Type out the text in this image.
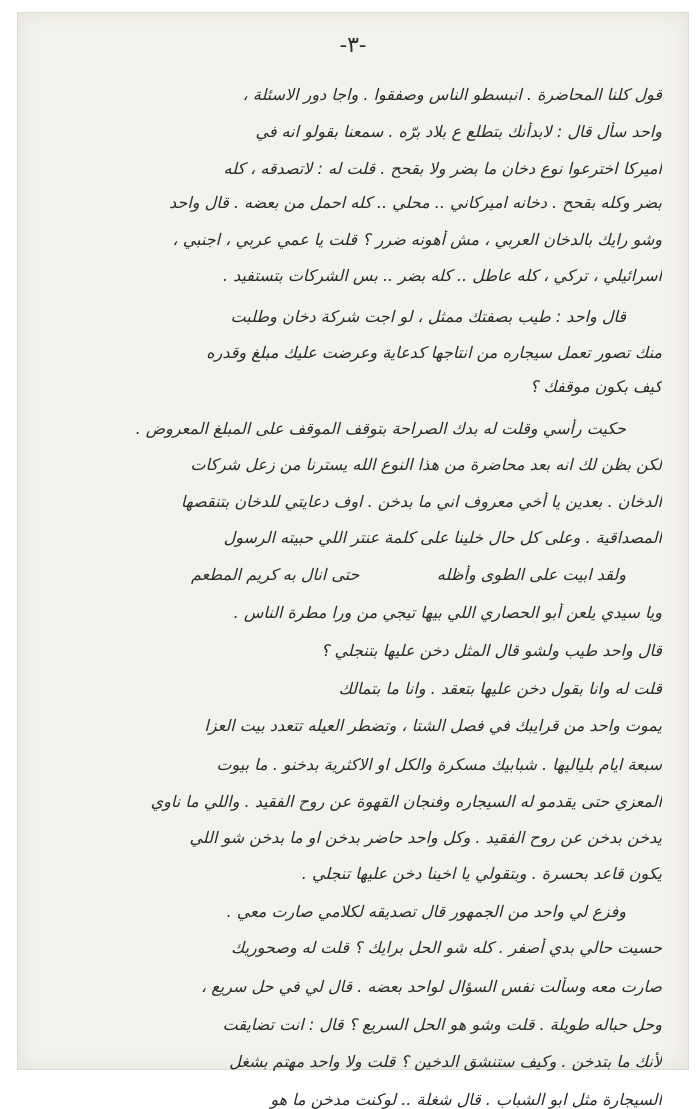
-٣-
قول كلنا المحاضرة . انبسطو الناس وصفقوا . واجا دور الاسئلة ،
واحد سأل قال : لابدأنك بتطلع ع بلاد برّه . سمعنا بقولو انه في
اميركا اخترعوا نوع دخان ما بضر ولا بقحح . قلت له : لاتصدقه ، كله
بضر وكله بقحح . دخانه اميركاني .. محلي .. كله احمل من بعضه . قال واحد
وشو رايك بالدخان العربي ، مش أهونه ضرر ؟ قلت يا عمي عربي ، اجنبي ،
اسرائيلي ، تركي ، كله عاطل .. كله بضر .. بس الشركات بتستفيد .
قال واحد : طيب بصفتك ممثل ، لو اجت شركة دخان وطلبت
منك تصور تعمل سيجاره من انتاجها كدعاية وعرضت عليك مبلغ وقدره
كيف بكون موقفك ؟
حكيت رأسي وقلت له بدك الصراحة بتوقف الموقف على المبلغ المعروض .
لكن بظن لك انه بعد محاضرة من هذا النوع الله يسترنا من زعل شركات
الدخان . بعدين يا أخي معروف اني ما بدخن . اوف دعايتي للدخان بتنقصها
المصداقية . وعلى كل حال خلينا على كلمة عنتر اللي حبيته الرسول
ولقد ابيت على الطوى وأظله
حتى انال به كريم المطعم
ويا سيدي يلعن أبو الحصاري اللي بيها تيجي من ورا مطرة الناس .
قال واحد طيب ولشو قال المثل دخن عليها بتنجلي ؟
قلت له وانا بقول دخن عليها بتعقد . وانا ما بتمالك
يموت واحد من قرايبك في فصل الشتا ، وتضطر العيله تتعدد بيت العزا
سبعة ايام بلياليها . شبابيك مسكرة والكل او الاكثرية بدخنو . ما بيوت
المعزي حتى يقدمو له السيجاره وفنجان القهوة عن روح الفقيد . واللي ما ناوي
يدخن بدخن عن روح الفقيد . وكل واحد حاضر بدخن او ما بدخن شو اللي
يكون قاعد بحسرة . وبتقولي يا اخينا دخن عليها تنجلي .
وفزع لي واحد من الجمهور قال تصديقه لكلامي صارت معي .
حسيت حالي بدي أصفر . كله شو الحل برايك ؟ قلت له وصحوريك
صارت معه وسألت نفس السؤال لواحد بعضه . قال لي في حل سريع ،
وحل حباله طويلة . قلت وشو هو الحل السريع ؟ قال : انت تضايقت
لأنك ما بتدخن . وكيف ستنشق الدخين ؟ قلت ولا واحد مهتم بشغل
السيجارة مثل ابو الشباب . قال شغلة .. لوكنت مدخن ما هو
